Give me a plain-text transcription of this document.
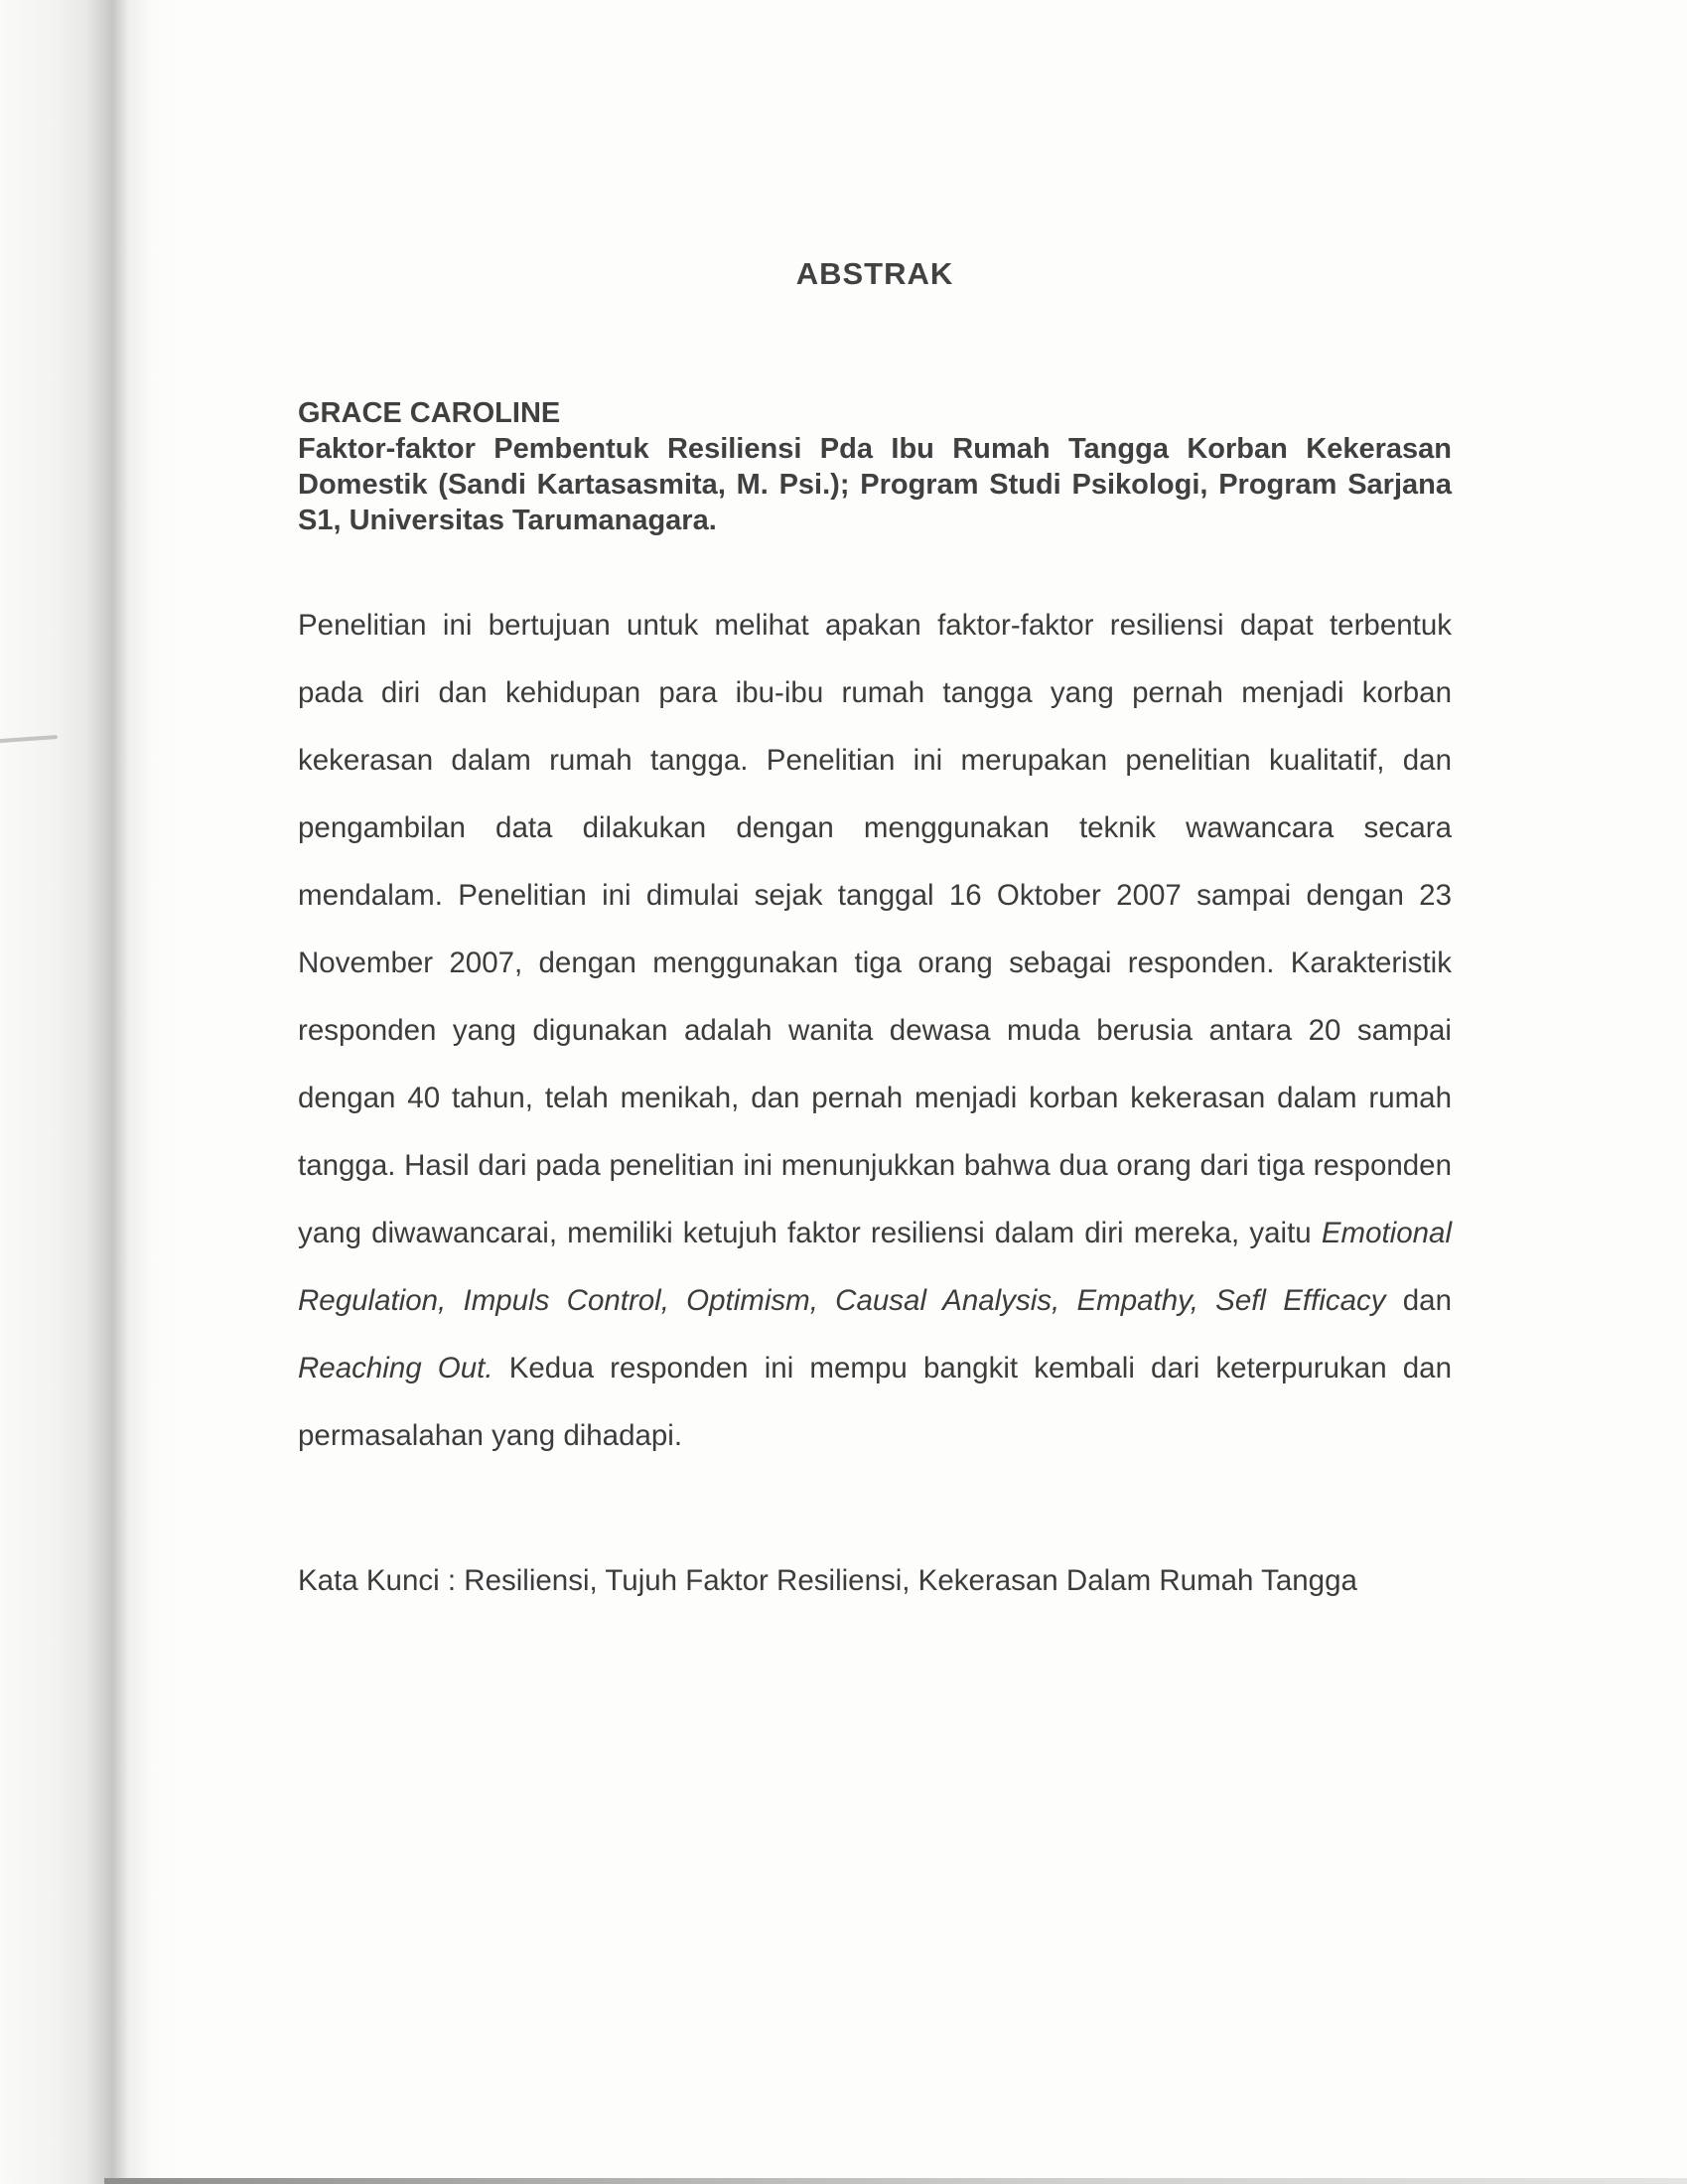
ABSTRAK
GRACE CAROLINE
Faktor-faktor Pembentuk Resiliensi Pda Ibu Rumah Tangga Korban Kekerasan
Domestik (Sandi Kartasasmita, M. Psi.); Program Studi Psikologi, Program Sarjana
S1, Universitas Tarumanagara.
Penelitian ini bertujuan untuk melihat apakan faktor-faktor resiliensi dapat terbentuk
pada diri dan kehidupan para ibu-ibu rumah tangga yang pernah menjadi korban
kekerasan dalam rumah tangga. Penelitian ini merupakan penelitian kualitatif, dan
pengambilan data dilakukan dengan menggunakan teknik wawancara secara
mendalam. Penelitian ini dimulai sejak tanggal 16 Oktober 2007 sampai dengan 23
November 2007, dengan menggunakan tiga orang sebagai responden. Karakteristik
responden yang digunakan adalah wanita dewasa muda berusia antara 20 sampai
dengan 40 tahun, telah menikah, dan pernah menjadi korban kekerasan dalam rumah
tangga. Hasil dari pada penelitian ini menunjukkan bahwa dua orang dari tiga responden
yang diwawancarai, memiliki ketujuh faktor resiliensi dalam diri mereka, yaitu Emotional
Regulation, Impuls Control, Optimism, Causal Analysis, Empathy, Sefl Efficacy dan
Reaching Out. Kedua responden ini mempu bangkit kembali dari keterpurukan dan
permasalahan yang dihadapi.
Kata Kunci : Resiliensi, Tujuh Faktor Resiliensi, Kekerasan Dalam Rumah Tangga
